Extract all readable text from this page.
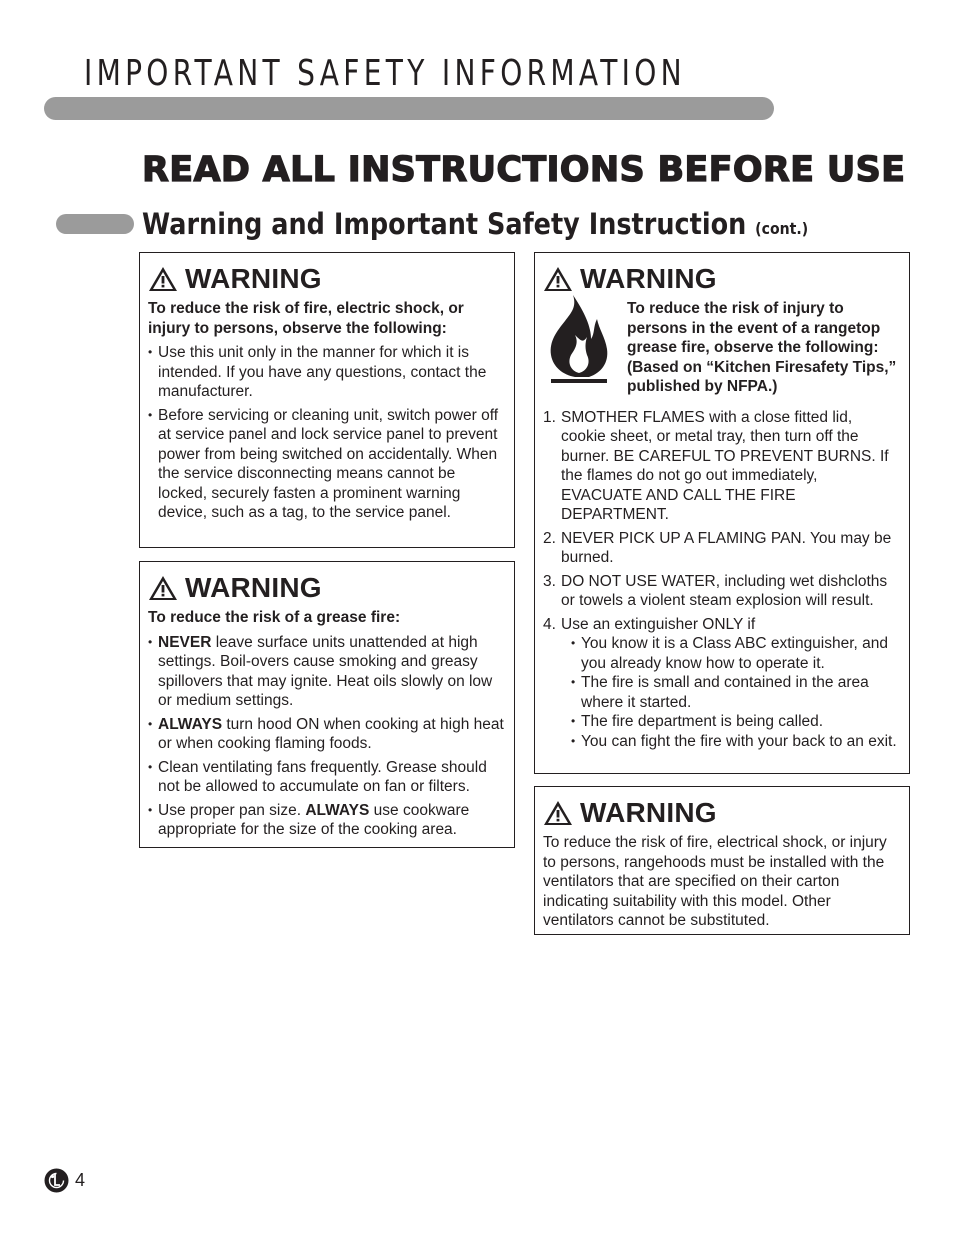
IMPORTANT SAFETY INFORMATION
READ ALL INSTRUCTIONS BEFORE USE
Warning and Important Safety Instruction (cont.)
WARNING
To reduce the risk of fire, electric shock, or injury to persons, observe the following:
• Use this unit only in the manner for which it is intended. If you have any questions, contact the manufacturer.
• Before servicing or cleaning unit, switch power off at service panel and lock service panel to prevent power from being switched on accidentally. When the service disconnecting means cannot be locked, securely fasten a prominent warning device, such as a tag, to the service panel.
WARNING
To reduce the risk of a grease fire:
• NEVER leave surface units unattended at high settings. Boil-overs cause smoking and greasy spillovers that may ignite. Heat oils slowly on low or medium settings.
• ALWAYS turn hood ON when cooking at high heat or when cooking flaming foods.
• Clean ventilating fans frequently. Grease should not be allowed to accumulate on fan or filters.
• Use proper pan size. ALWAYS use cookware appropriate for the size of the cooking area.
WARNING
To reduce the risk of injury to persons in the event of a rangetop grease fire, observe the following: (Based on “Kitchen Firesafety Tips,” published by NFPA.)
1. SMOTHER FLAMES with a close fitted lid, cookie sheet, or metal tray, then turn off the burner. BE CAREFUL TO PREVENT BURNS. If the flames do not go out immediately, EVACUATE AND CALL THE FIRE DEPARTMENT.
2. NEVER PICK UP A FLAMING PAN. You may be burned.
3. DO NOT USE WATER, including wet dishcloths or towels a violent steam explosion will result.
4. Use an extinguisher ONLY if
• You know it is a Class ABC extinguisher, and you already know how to operate it.
• The fire is small and contained in the area where it started.
• The fire department is being called.
• You can fight the fire with your back to an exit.
WARNING
To reduce the risk of fire, electrical shock, or injury to persons, rangehoods must be installed with the ventilators that are specified on their carton indicating suitability with this model. Other ventilators cannot be substituted.
4
